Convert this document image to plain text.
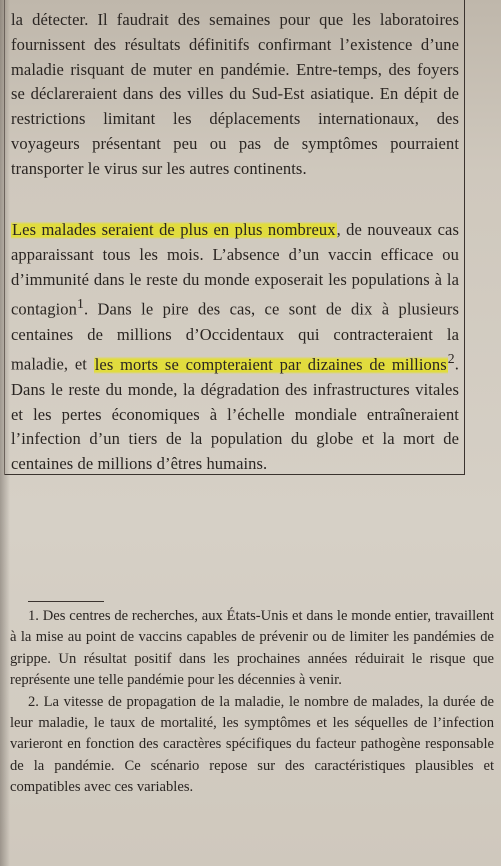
la détecter. Il faudrait des semaines pour que les laboratoires fournissent des résultats définitifs confirmant l’existence d’une maladie risquant de muter en pandémie. Entre-temps, des foyers se déclareraient dans des villes du Sud-Est asiatique. En dépit de restrictions limitant les déplacements internationaux, des voyageurs présentant peu ou pas de symptômes pourraient transporter le virus sur les autres continents.

Les malades seraient de plus en plus nombreux, de nouveaux cas apparaissant tous les mois. L’absence d’un vaccin efficace ou d’immunité dans le reste du monde exposerait les populations à la contagion$^1$. Dans le pire des cas, ce sont de dix à plusieurs centaines de millions d’Occidentaux qui contracteraient la maladie, et les morts se compteraient par dizaines de millions$^2$. Dans le reste du monde, la dégradation des infrastructures vitales et les pertes économiques à l’échelle mondiale entraîneraient l’infection d’un tiers de la population du globe et la mort de centaines de millions d’êtres humains.

1. Des centres de recherches, aux États-Unis et dans le monde entier, travaillent à la mise au point de vaccins capables de prévenir ou de limiter les pandémies de grippe. Un résultat positif dans les prochaines années réduirait le risque que représente une telle pandémie pour les décennies à venir.

2. La vitesse de propagation de la maladie, le nombre de malades, la durée de leur maladie, le taux de mortalité, les symptômes et les séquelles de l’infection varieront en fonction des caractères spécifiques du facteur pathogène responsable de la pandémie. Ce scénario repose sur des caractéristiques plausibles et compatibles avec ces variables.
